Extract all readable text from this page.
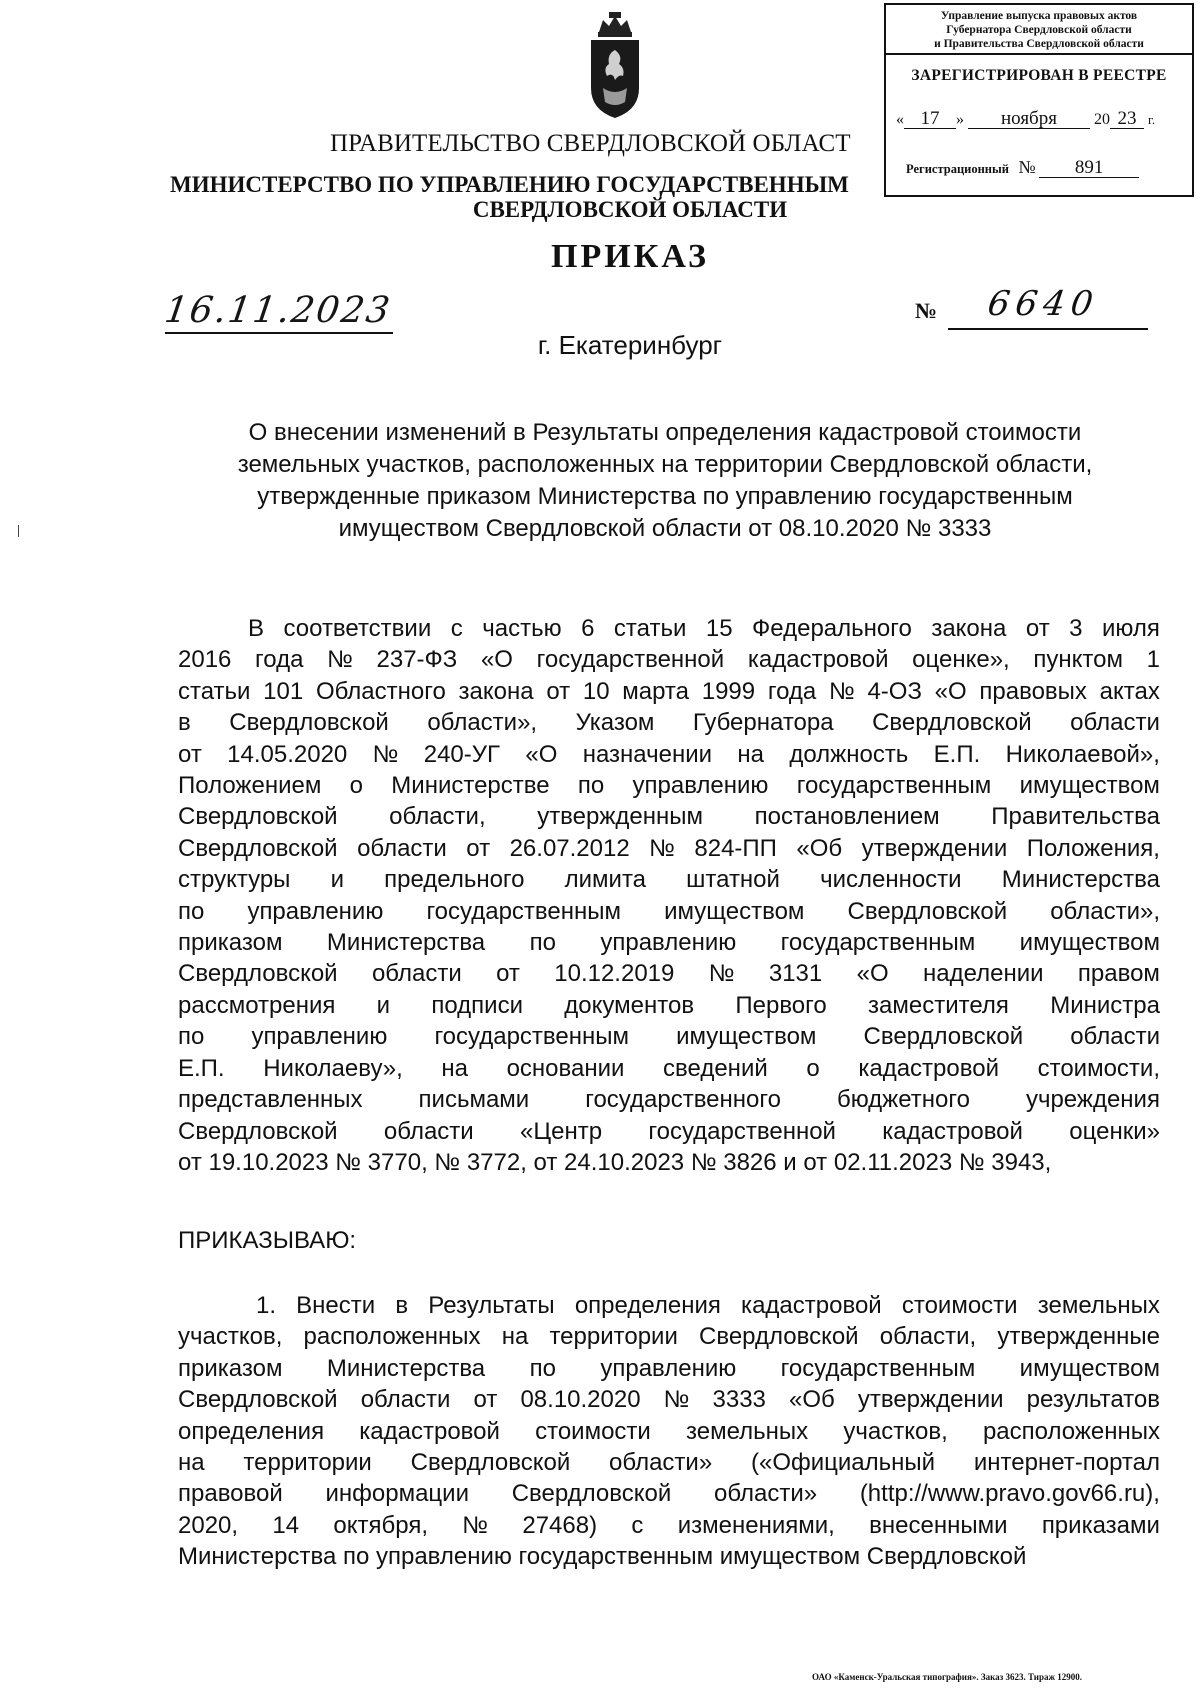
Управление выпуска правовых актов
Губернатора Свердловской области
и Правительства Свердловской области
ЗАРЕГИСТРИРОВАН В РЕЕСТРЕ
« 17 » ноября 20 23 г.
Регистрационный № 891
ПРАВИТЕЛЬСТВО СВЕРДЛОВСКОЙ ОБЛАСТ
МИНИСТЕРСТВО ПО УПРАВЛЕНИЮ ГОСУДАРСТВЕННЫМ
СВЕРДЛОВСКОЙ ОБЛАСТИ
ПРИКАЗ
16.11.2023	№ 6640
г. Екатеринбург
О внесении изменений в Результаты определения кадастровой стоимости
земельных участков, расположенных на территории Свердловской области,
утвержденные приказом Министерства по управлению государственным
имуществом Свердловской области от 08.10.2020 № 3333
В соответствии с частью 6 статьи 15 Федерального закона от 3 июля
2016 года № 237-ФЗ «О государственной кадастровой оценке», пунктом 1
статьи 101 Областного закона от 10 марта 1999 года № 4-ОЗ «О правовых актах
в Свердловской области», Указом Губернатора Свердловской области
от 14.05.2020 № 240-УГ «О назначении на должность Е.П. Николаевой»,
Положением о Министерстве по управлению государственным имуществом
Свердловской области, утвержденным постановлением Правительства
Свердловской области от 26.07.2012 № 824-ПП «Об утверждении Положения,
структуры и предельного лимита штатной численности Министерства
по управлению государственным имуществом Свердловской области»,
приказом Министерства по управлению государственным имуществом
Свердловской области от 10.12.2019 № 3131 «О наделении правом
рассмотрения и подписи документов Первого заместителя Министра
по управлению государственным имуществом Свердловской области
Е.П. Николаеву», на основании сведений о кадастровой стоимости,
представленных письмами государственного бюджетного учреждения
Свердловской области «Центр государственной кадастровой оценки»
от 19.10.2023 № 3770, № 3772, от 24.10.2023 № 3826 и от 02.11.2023 № 3943,
ПРИКАЗЫВАЮ:
1. Внести в Результаты определения кадастровой стоимости земельных
участков, расположенных на территории Свердловской области, утвержденные
приказом Министерства по управлению государственным имуществом
Свердловской области от 08.10.2020 № 3333 «Об утверждении результатов
определения кадастровой стоимости земельных участков, расположенных
на территории Свердловской области» («Официальный интернет-портал
правовой информации Свердловской области» (http://www.pravo.gov66.ru),
2020, 14 октября, № 27468) с изменениями, внесенными приказами
Министерства по управлению государственным имуществом Свердловской
ОАО «Каменск-Уральская типография». Заказ 3623. Тираж 12900.
